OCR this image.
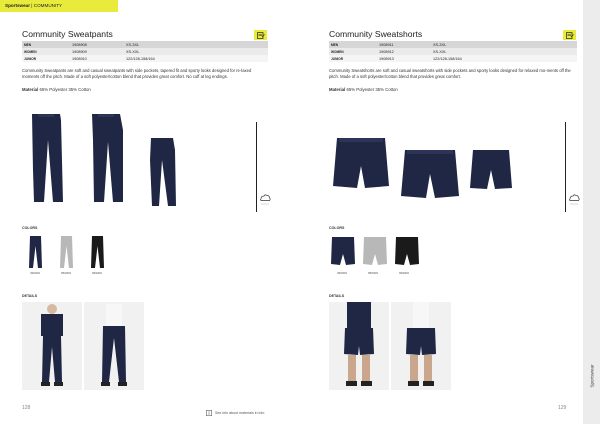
Sportswear | COMMUNITY
Community Sweatpants
MEN	1908908	XS-3XL
WOMEN	1908909	XS-XXL
JUNIOR	1908910	122/128-158/164
Community Sweatpants are soft and casual sweatpants with side pockets, tapered fit and sporty looks designed for re-laxed moments off the pitch. Made of a soft polyester/cotton blend that provides great comfort. No cuff at leg endings.
Material 65% Polyester 35% Cotton
COLORS
390000	950000	999000
DETAILS
128
See info about materials in info
Community Sweatshorts
MEN	1908911	XS-3XL
WOMEN	1908912	XS-XXL
JUNIOR	1908913	122/128-158/164
Community Sweatshorts are soft and casual sweatshorts with side pockets and sporty looks designed for relaxed mo-ments off the pitch. Made of a soft polyester/cotton blend that provides great comfort.
Material 65% Polyester 35% Cotton
COLORS
390000	950000	999000
DETAILS
129
Sportswear
